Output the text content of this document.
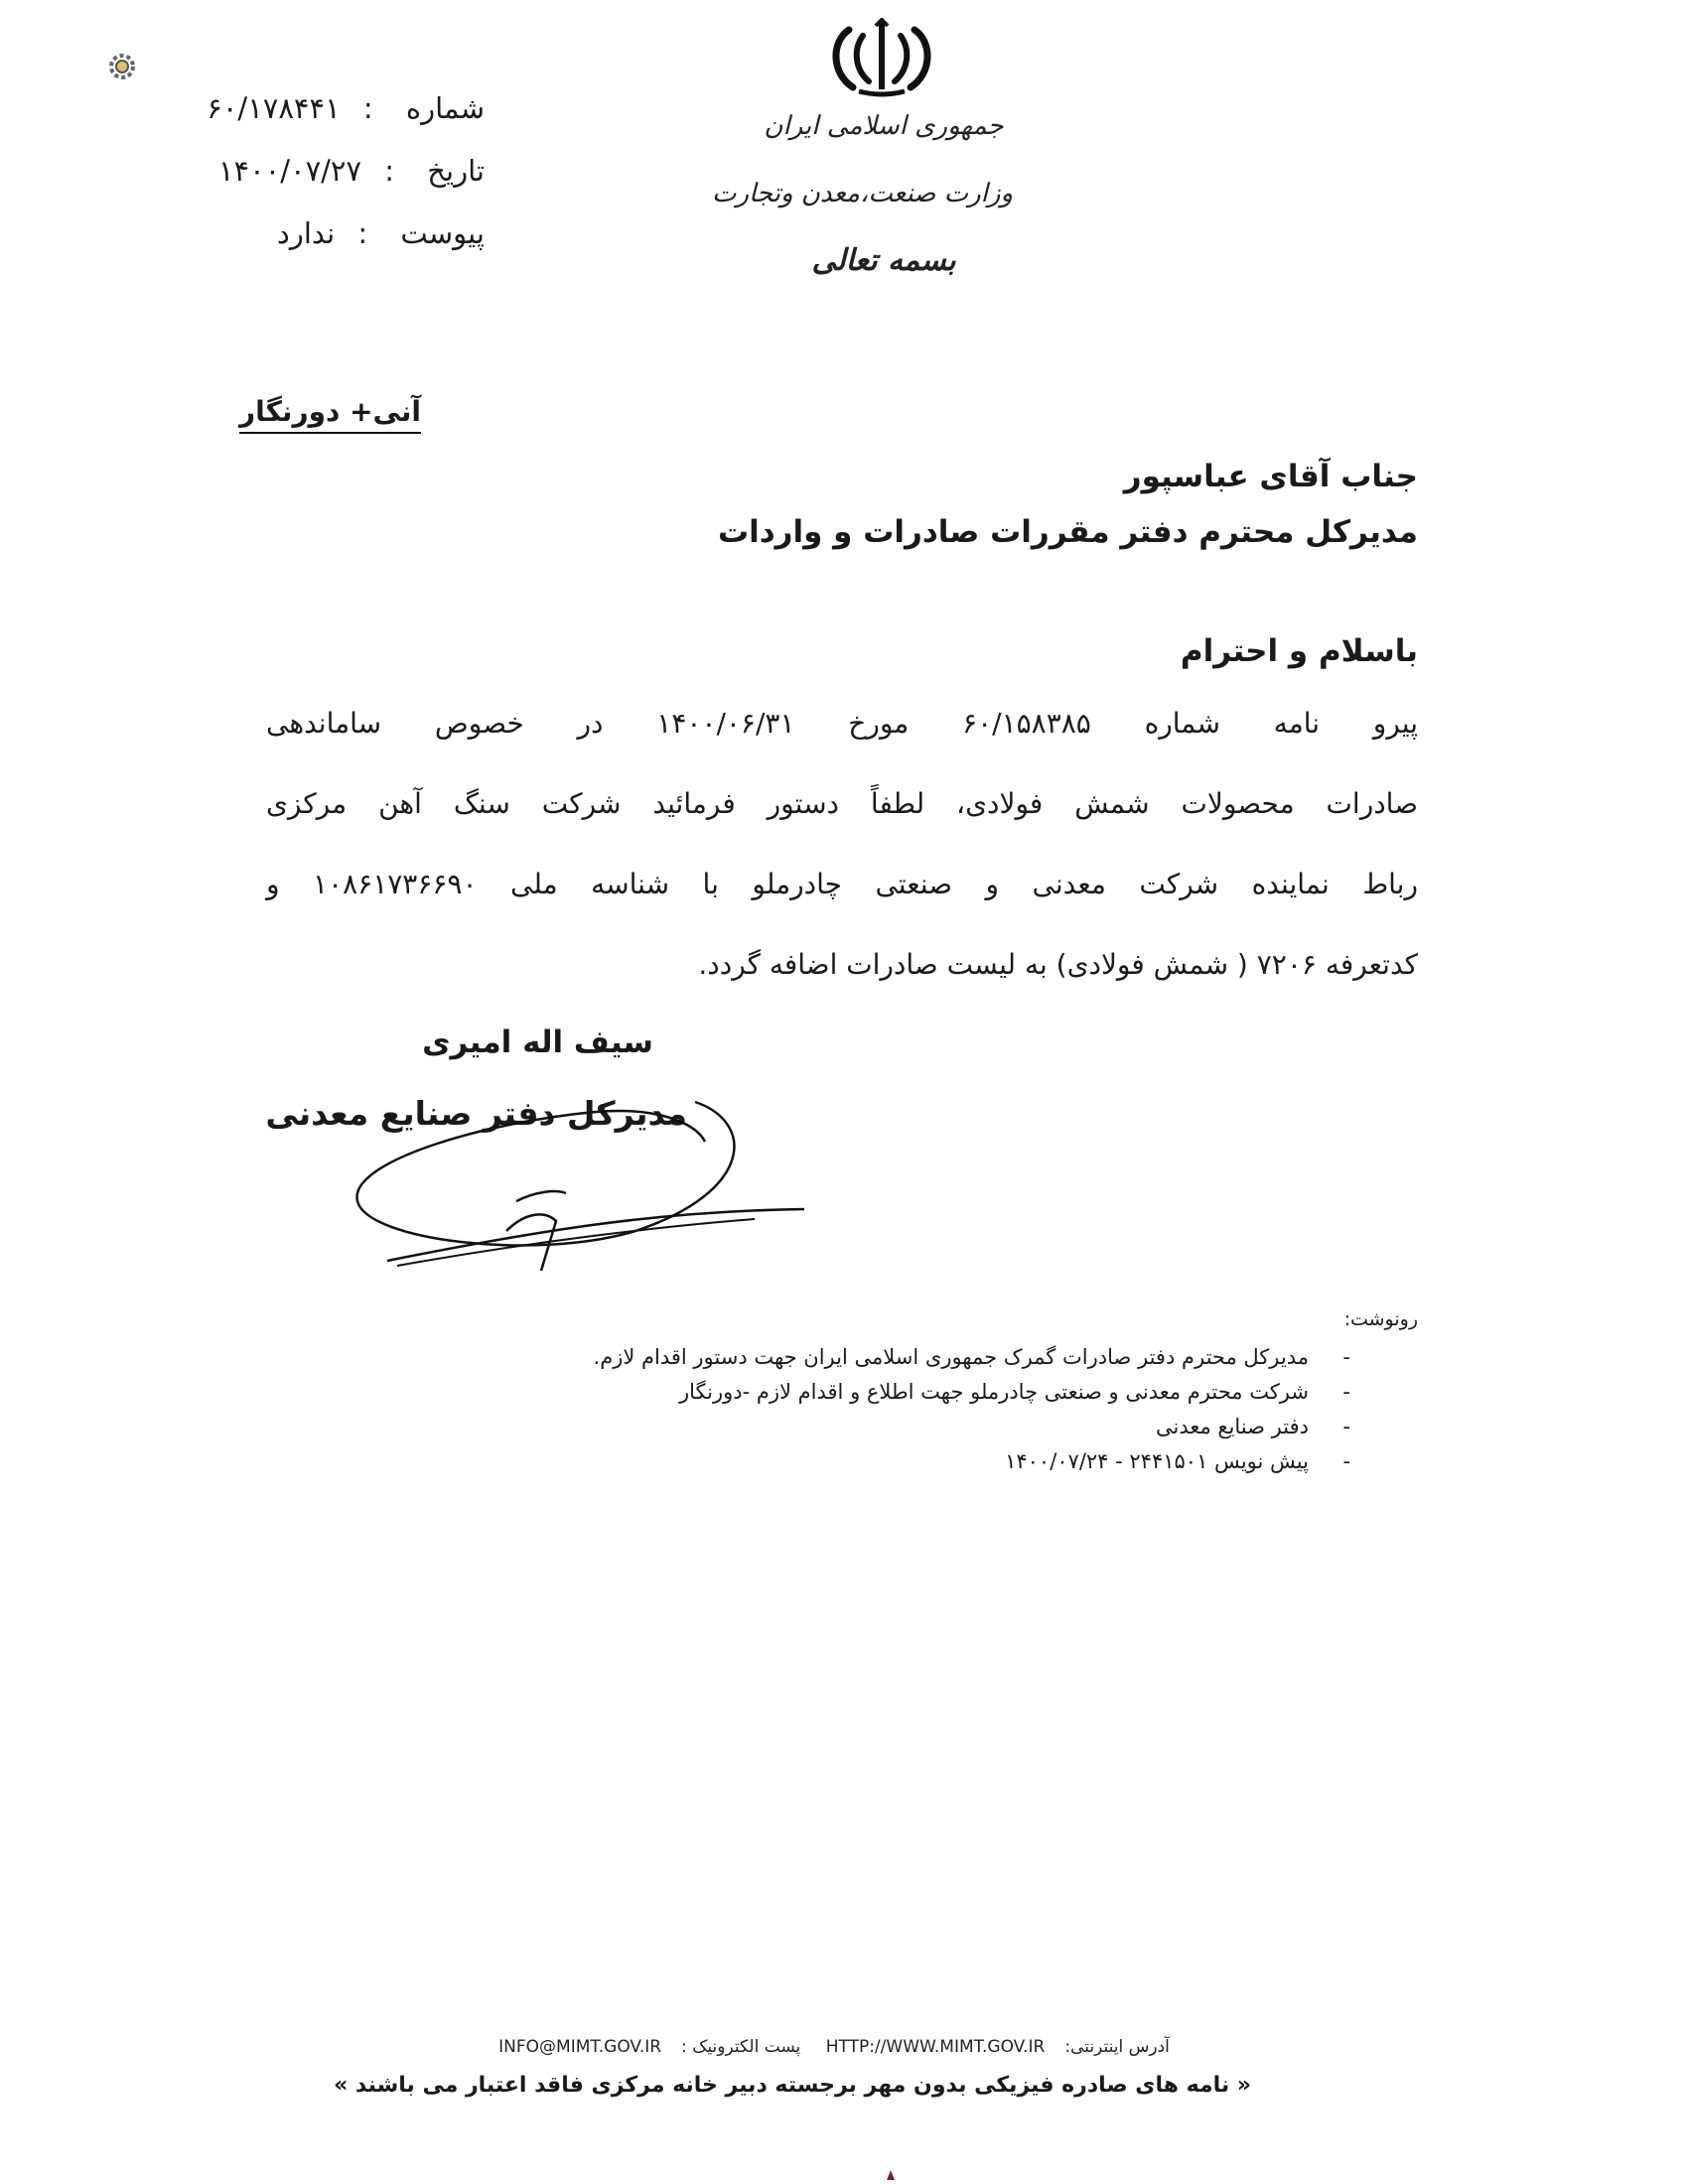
شماره : ۶۰/۱۷۸۴۴۱
تاریخ : ۱۴۰۰/۰۷/۲۷
پیوست : ندارد
جمهوری اسلامی ایران
وزارت صنعت،معدن وتجارت
بسمه تعالی
آنی+ دورنگار
جناب آقای عباسپور
مدیرکل محترم دفتر مقررات صادرات و واردات
باسلام و احترام
پیرو نامه شماره ۶۰/۱۵۸۳۸۵ مورخ ۱۴۰۰/۰۶/۳۱ در خصوص ساماندهی
صادرات محصولات شمش فولادی، لطفاً دستور فرمائید شرکت سنگ آهن مرکزی
رباط نماینده شرکت معدنی و صنعتی چادرملو با شناسه ملی ۱۰۸۶۱۷۳۶۶۹۰ و
کدتعرفه ۷۲۰۶ ( شمش فولادی) به لیست صادرات اضافه گردد.
سیف اله امیری
مدیرکل دفتر صنایع معدنی
رونوشت:
- مدیرکل محترم دفتر صادرات گمرک جمهوری اسلامی ایران جهت دستور اقدام لازم.
- شرکت محترم معدنی و صنعتی چادرملو جهت اطلاع و اقدام لازم -دورنگار
- دفتر صنایع معدنی
- پیش نویس ۲۴۴۱۵۰۱ - ۱۴۰۰/۰۷/۲۴
INFO@MIMT.GOV.IR پست الکترونیک : HTTP://WWW.MIMT.GOV.IR آدرس اینترنتی:
« نامه های صادره فیزیکی بدون مهر برجسته دبیر خانه مرکزی فاقد اعتبار می باشند »
